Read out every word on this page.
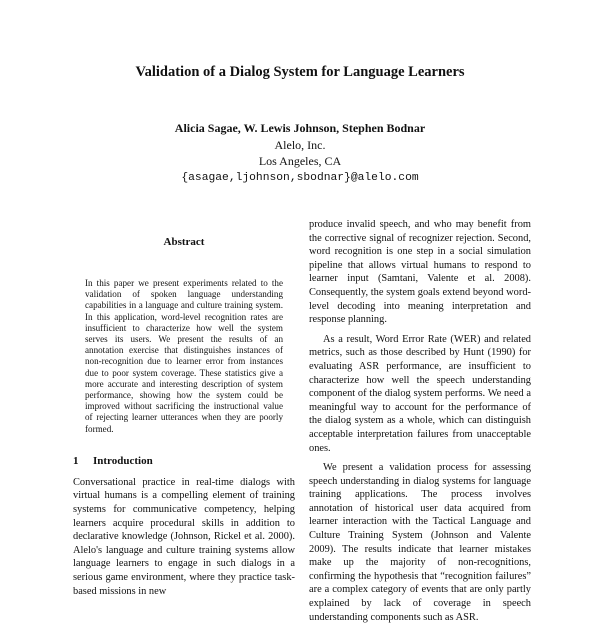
Validation of a Dialog System for Language Learners
Alicia Sagae, W. Lewis Johnson, Stephen Bodnar
Alelo, Inc.
Los Angeles, CA
{asagae,ljohnson,sbodnar}@alelo.com
Abstract

In this paper we present experiments related to the validation of spoken language understanding capabilities in a language and culture training system. In this application, word-level recognition rates are insufficient to characterize how well the system serves its users. We present the results of an annotation exercise that distinguishes instances of non-recognition due to learner error from instances due to poor system coverage. These statistics give a more accurate and interesting description of system performance, showing how the system could be improved without sacrificing the instructional value of rejecting learner utterances when they are poorly formed.

1 Introduction

Conversational practice in real-time dialogs with virtual humans is a compelling element of training systems for communicative competency, helping learners acquire procedural skills in addition to declarative knowledge (Johnson, Rickel et al. 2000). Alelo's language and culture training systems allow language learners to engage in such dialogs in a serious game environment, where they practice task-based missions in new

produce invalid speech, and who may benefit from the corrective signal of recognizer rejection. Second, word recognition is one step in a social simulation pipeline that allows virtual humans to respond to learner input (Samtani, Valente et al. 2008). Consequently, the system goals extend beyond word-level decoding into meaning interpretation and response planning.

As a result, Word Error Rate (WER) and related metrics, such as those described by Hunt (1990) for evaluating ASR performance, are insufficient to characterize how well the speech understanding component of the dialog system performs. We need a meaningful way to account for the performance of the dialog system as a whole, which can distinguish acceptable interpretation failures from unacceptable ones.

We present a validation process for assessing speech understanding in dialog systems for language training applications. The process involves annotation of historical user data acquired from learner interaction with the Tactical Language and Culture Training System (Johnson and Valente 2009). The results indicate that learner mistakes make up the majority of non-recognitions, confirming the hypothesis that “recognition failures” are a complex category of events that are only partly explained by lack of coverage in speech understanding components such as ASR.
